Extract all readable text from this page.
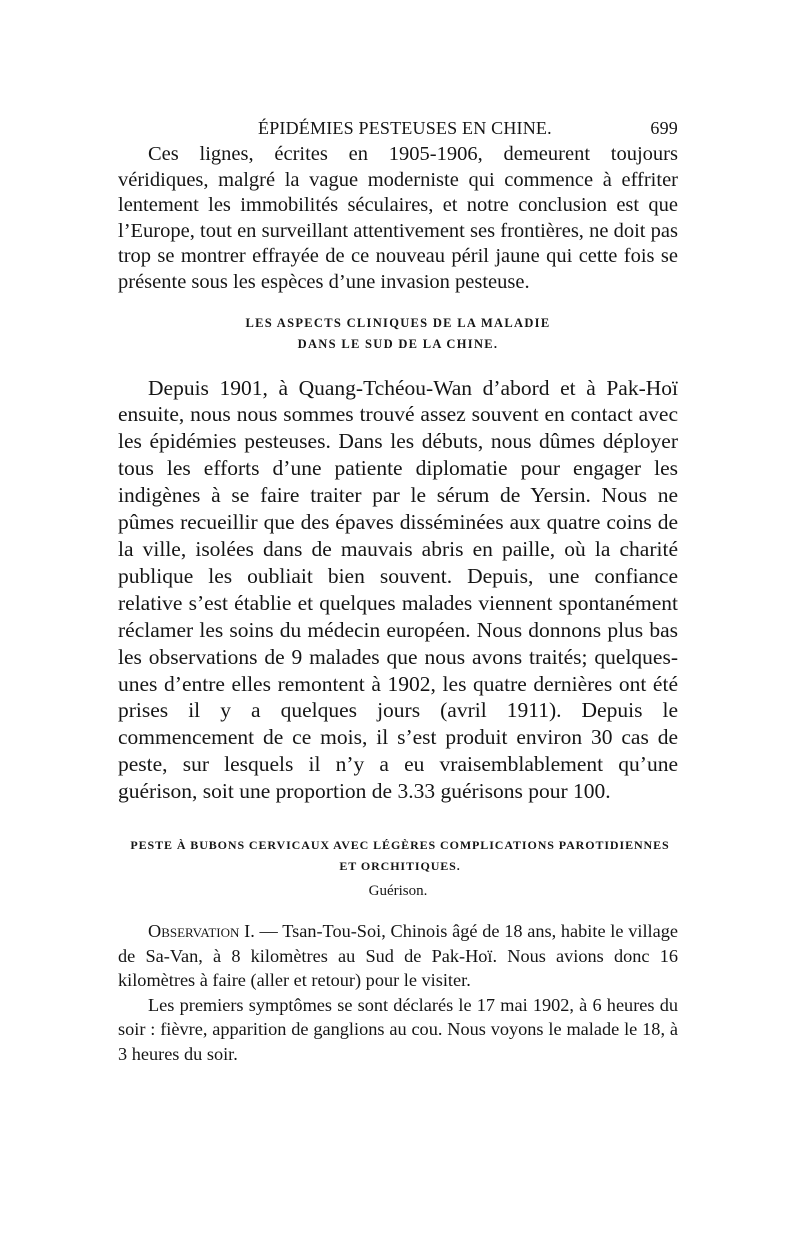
ÉPIDÉMIES PESTEUSES EN CHINE.	699

Ces lignes, écrites en 1905-1906, demeurent toujours véridiques, malgré la vague moderniste qui commence à effriter lentement les immobilités séculaires, et notre conclusion est que l’Europe, tout en surveillant attentivement ses frontières, ne doit pas trop se montrer effrayée de ce nouveau péril jaune qui cette fois se présente sous les espèces d’une invasion pesteuse.

LES ASPECTS CLINIQUES DE LA MALADIE
DANS LE SUD DE LA CHINE.

Depuis 1901, à Quang-Tchéou-Wan d’abord et à Pak-Hoï ensuite, nous nous sommes trouvé assez souvent en contact avec les épidémies pesteuses. Dans les débuts, nous dûmes déployer tous les efforts d’une patiente diplomatie pour engager les indigènes à se faire traiter par le sérum de Yersin. Nous ne pûmes recueillir que des épaves disséminées aux quatre coins de la ville, isolées dans de mauvais abris en paille, où la charité publique les oubliait bien souvent. Depuis, une confiance relative s’est établie et quelques malades viennent spontanément réclamer les soins du médecin européen. Nous donnons plus bas les observations de 9 malades que nous avons traités; quelques-unes d’entre elles remontent à 1902, les quatre dernières ont été prises il y a quelques jours (avril 1911). Depuis le commencement de ce mois, il s’est produit environ 30 cas de peste, sur lesquels il n’y a eu vraisemblablement qu’une guérison, soit une proportion de 3.33 guérisons pour 100.

PESTE À BUBONS CERVICAUX AVEC LÉGÈRES COMPLICATIONS PAROTIDIENNES
ET ORCHITIQUES.
Guérison.

Observation I. — Tsan-Tou-Soi, Chinois âgé de 18 ans, habite le village de Sa-Van, à 8 kilomètres au Sud de Pak-Hoï. Nous avions donc 16 kilomètres à faire (aller et retour) pour le visiter.

Les premiers symptômes se sont déclarés le 17 mai 1902, à 6 heures du soir : fièvre, apparition de ganglions au cou. Nous voyons le malade le 18, à 3 heures du soir.
